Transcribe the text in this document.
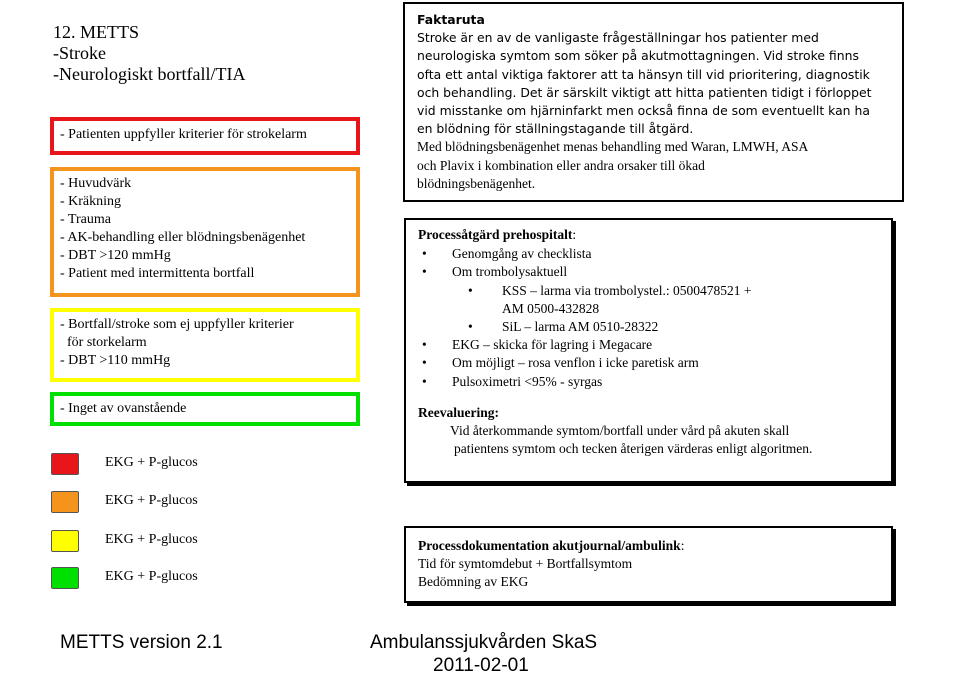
12. METTS
-Stroke
-Neurologiskt bortfall/TIA
- Patienten uppfyller kriterier för strokelarm
- Huvudvärk
- Kräkning
- Trauma
- AK-behandling eller blödningsbenägenhet
- DBT >120 mmHg
- Patient med intermittenta bortfall
- Bortfall/stroke som ej uppfyller kriterier
för storkelarm
- DBT >110 mmHg
- Inget av ovanstående
EKG + P-glucos
EKG + P-glucos
EKG + P-glucos
EKG + P-glucos
Faktaruta
Stroke är en av de vanligaste frågeställningar hos patienter med
neurologiska symtom som söker på akutmottagningen. Vid stroke finns
ofta ett antal viktiga faktorer att ta hänsyn till vid prioritering, diagnostik
och behandling. Det är särskilt viktigt att hitta patienten tidigt i förloppet
vid misstanke om hjärninfarkt men också finna de som eventuellt kan ha
en blödning för ställningstagande till åtgärd.
Med blödningsbenägenhet menas behandling med Waran, LMWH, ASA
och Plavix i kombination eller andra orsaker till ökad
blödningsbenägenhet.
Processåtgärd prehospitalt:
• Genomgång av checklista
• Om trombolysaktuell
• KSS – larma via trombolystel.: 0500478521 +
AM 0500-432828
• SiL – larma AM 0510-28322
• EKG – skicka för lagring i Megacare
• Om möjligt – rosa venflon i icke paretisk arm
• Pulsoximetri <95% - syrgas
Reevaluering:
Vid återkommande symtom/bortfall under vård på akuten skall
patientens symtom och tecken återigen värderas enligt algoritmen.
Processdokumentation akutjournal/ambulink:
Tid för symtomdebut + Bortfallsymtom
Bedömning av EKG
METTS version 2.1	Ambulanssjukvården SkaS
2011-02-01
